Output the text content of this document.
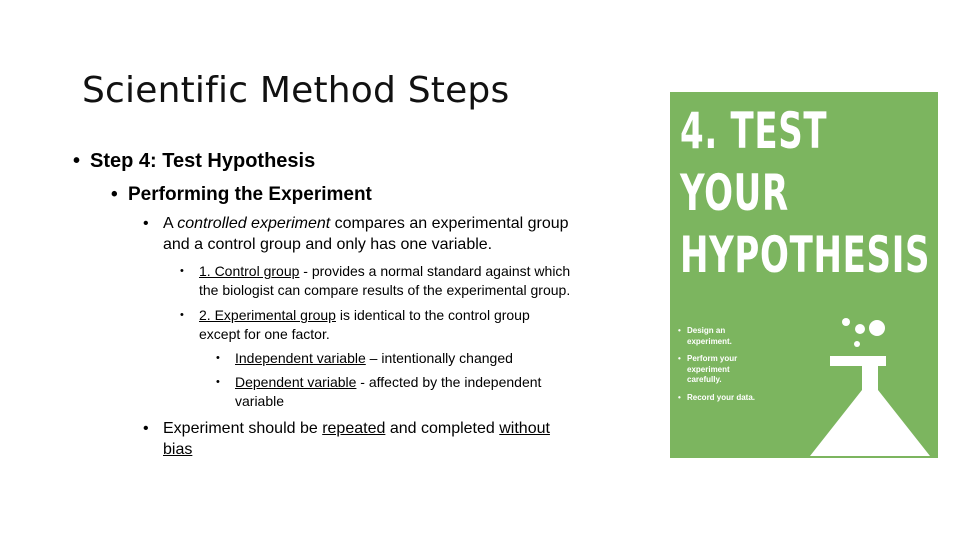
Scientific Method Steps
• Step 4: Test Hypothesis
• Performing the Experiment
• A controlled experiment compares an experimental group
and a control group and only has one variable.
• 1. Control group - provides a normal standard against which
the biologist can compare results of the experimental group.
• 2. Experimental group is identical to the control group
except for one factor.
• Independent variable – intentionally changed
• Dependent variable - affected by the independent
variable
• Experiment should be repeated and completed without
bias
4. TEST
YOUR
HYPOTHESIS
• Design an experiment.
• Perform your experiment carefully.
• Record your data.
